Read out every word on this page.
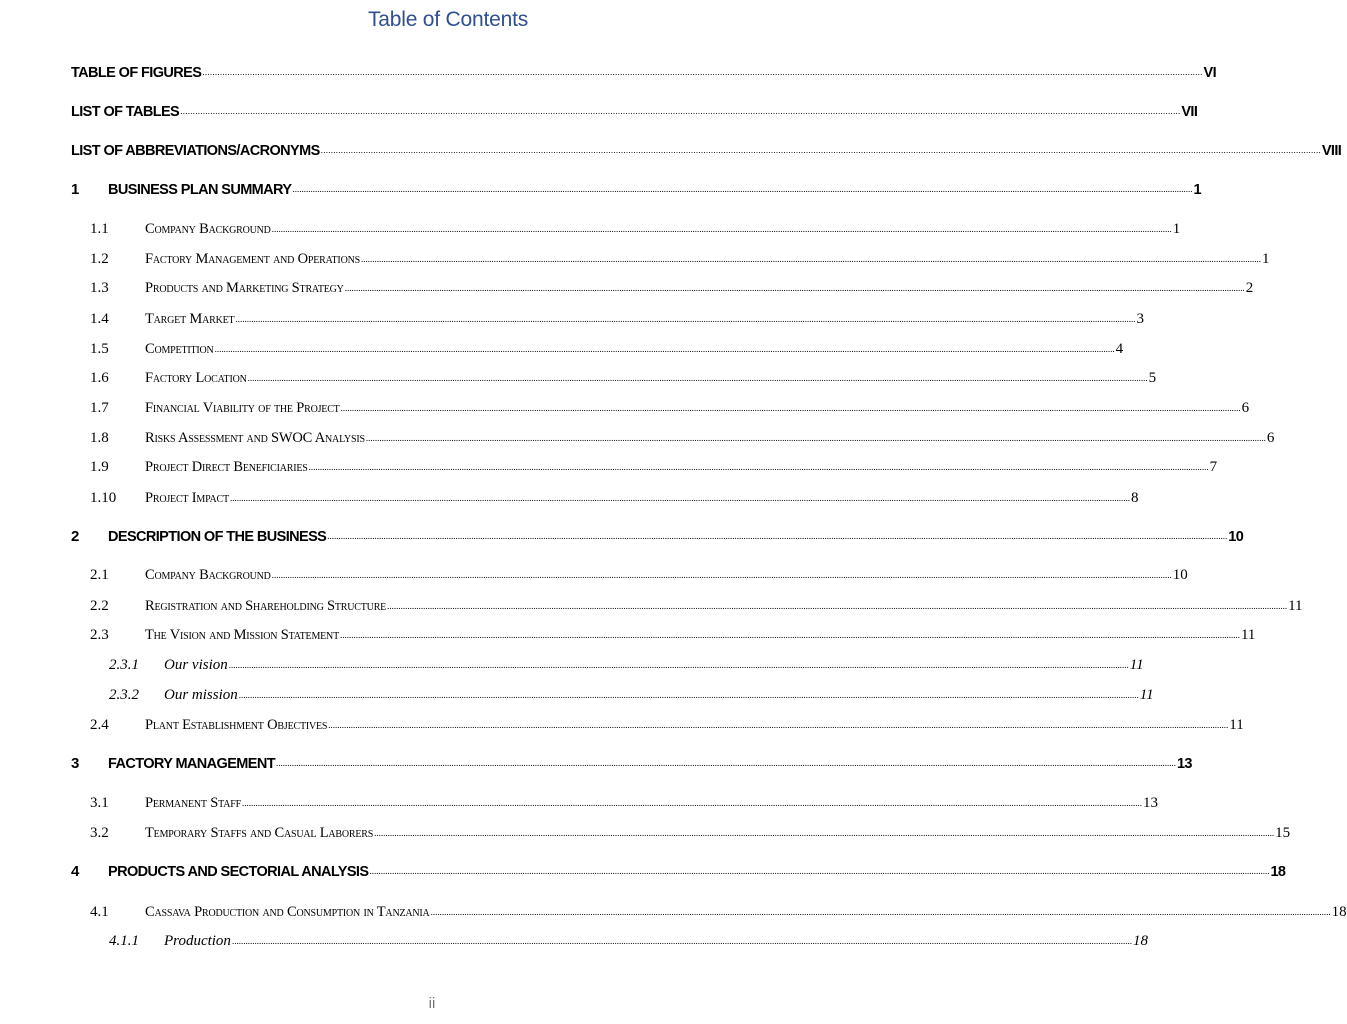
Table of Contents
TABLE OF FIGURES ................................................................................................................................................................................................................................................................................................................................................................................................................ VI
LIST OF TABLES ................................................................................................................................................................................................................................................................................................................................................................................................................ VII
LIST OF ABBREVIATIONS/ACRONYMS ................................................................................................................................................................................................................................................................................................................................................................................................................ VIII
1	BUSINESS PLAN SUMMARY ................................................................................................................................................................................................................................................................................................................................................................................................................ 1
1.1	Company Background ................................................................................................................................................................................................................................................................................................................................................................................................................ 1
1.2	Factory Management and Operations ................................................................................................................................................................................................................................................................................................................................................................................................................ 1
1.3	Products and Marketing Strategy ................................................................................................................................................................................................................................................................................................................................................................................................................ 2
1.4	Target Market ................................................................................................................................................................................................................................................................................................................................................................................................................ 3
1.5	Competition ................................................................................................................................................................................................................................................................................................................................................................................................................ 4
1.6	Factory Location ................................................................................................................................................................................................................................................................................................................................................................................................................ 5
1.7	Financial Viability of the Project ................................................................................................................................................................................................................................................................................................................................................................................................................ 6
1.8	Risks Assessment and SWOC Analysis ................................................................................................................................................................................................................................................................................................................................................................................................................ 6
1.9	Project Direct Beneficiaries ................................................................................................................................................................................................................................................................................................................................................................................................................ 7
1.10	Project Impact ................................................................................................................................................................................................................................................................................................................................................................................................................ 8
2	DESCRIPTION OF THE BUSINESS ................................................................................................................................................................................................................................................................................................................................................................................................................ 10
2.1	Company Background ................................................................................................................................................................................................................................................................................................................................................................................................................ 10
2.2	Registration and Shareholding Structure ................................................................................................................................................................................................................................................................................................................................................................................................................ 11
2.3	The Vision and Mission Statement ................................................................................................................................................................................................................................................................................................................................................................................................................ 11
2.3.1	Our vision ................................................................................................................................................................................................................................................................................................................................................................................................................ 11
2.3.2	Our mission ................................................................................................................................................................................................................................................................................................................................................................................................................ 11
2.4	Plant Establishment Objectives ................................................................................................................................................................................................................................................................................................................................................................................................................ 11
3	FACTORY MANAGEMENT ................................................................................................................................................................................................................................................................................................................................................................................................................ 13
3.1	Permanent Staff ................................................................................................................................................................................................................................................................................................................................................................................................................ 13
3.2	Temporary Staffs and Casual Laborers ................................................................................................................................................................................................................................................................................................................................................................................................................ 15
4	PRODUCTS AND SECTORIAL ANALYSIS ................................................................................................................................................................................................................................................................................................................................................................................................................ 18
4.1	Cassava Production and Consumption in Tanzania ................................................................................................................................................................................................................................................................................................................................................................................................................ 18
4.1.1	Production ................................................................................................................................................................................................................................................................................................................................................................................................................ 18
ii
